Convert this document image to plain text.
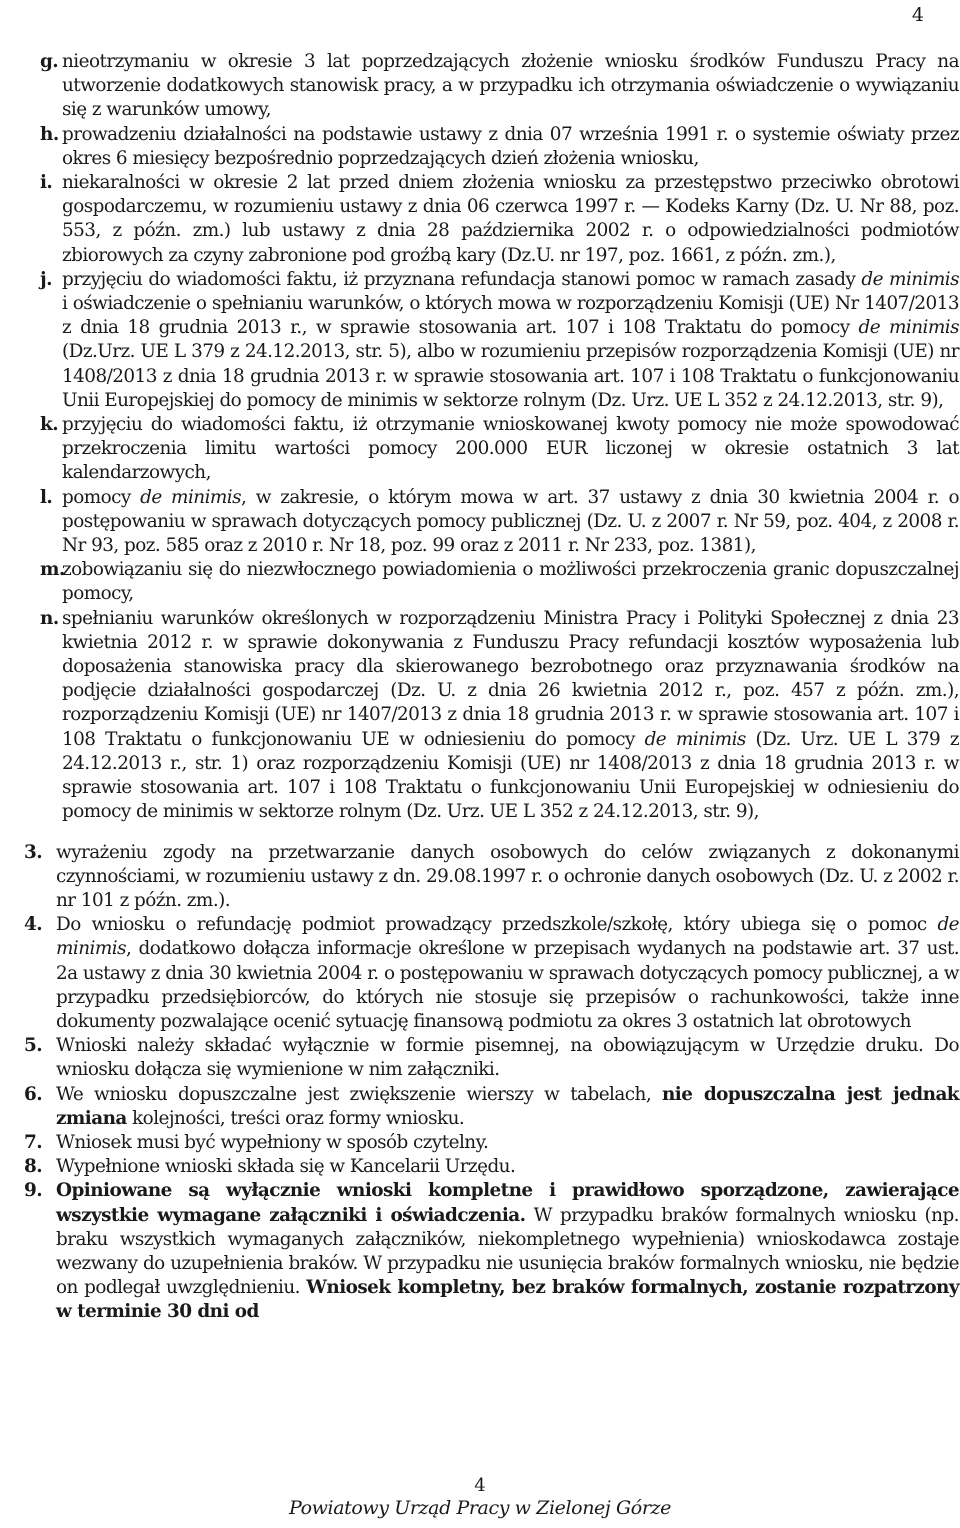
4

g. nieotrzymaniu w okresie 3 lat poprzedzających złożenie wniosku środków Funduszu Pracy na utworzenie dodatkowych stanowisk pracy, a w przypadku ich otrzymania oświadczenie o wywiązaniu się z warunków umowy,

h. prowadzeniu działalności na podstawie ustawy z dnia 07 września 1991 r. o systemie oświaty przez okres 6 miesięcy bezpośrednio poprzedzających dzień złożenia wniosku,

i. niekaralności w okresie 2 lat przed dniem złożenia wniosku za przestępstwo przeciwko obrotowi gospodarczemu, w rozumieniu ustawy z dnia 06 czerwca 1997 r. — Kodeks Karny (Dz. U. Nr 88, poz. 553, z późn. zm.) lub ustawy z dnia 28 października 2002 r. o odpowiedzialności podmiotów zbiorowych za czyny zabronione pod groźbą kary (Dz.U. nr 197, poz. 1661, z późn. zm.),

j. przyjęciu do wiadomości faktu, iż przyznana refundacja stanowi pomoc w ramach zasady de minimis i oświadczenie o spełnianiu warunków, o których mowa w rozporządzeniu Komisji (UE) Nr 1407/2013 z dnia 18 grudnia 2013 r., w sprawie stosowania art. 107 i 108 Traktatu do pomocy de minimis (Dz.Urz. UE L 379 z 24.12.2013, str. 5), albo w rozumieniu przepisów rozporządzenia Komisji (UE) nr 1408/2013 z dnia 18 grudnia 2013 r. w sprawie stosowania art. 107 i 108 Traktatu o funkcjonowaniu Unii Europejskiej do pomocy de minimis w sektorze rolnym (Dz. Urz. UE L 352 z 24.12.2013, str. 9),

k. przyjęciu do wiadomości faktu, iż otrzymanie wnioskowanej kwoty pomocy nie może spowodować przekroczenia limitu wartości pomocy 200.000 EUR liczonej w okresie ostatnich 3 lat kalendarzowych,

l. pomocy de minimis, w zakresie, o którym mowa w art. 37 ustawy z dnia 30 kwietnia 2004 r. o postępowaniu w sprawach dotyczących pomocy publicznej (Dz. U. z 2007 r. Nr 59, poz. 404, z 2008 r. Nr 93, poz. 585 oraz z 2010 r. Nr 18, poz. 99 oraz z 2011 r. Nr 233, poz. 1381),

m.
zobowiązaniu się do niezwłocznego powiadomienia o możliwości przekroczenia granic dopuszczalnej pomocy,

n. spełnianiu warunków określonych w rozporządzeniu Ministra Pracy i Polityki Społecznej z dnia 23 kwietnia 2012 r. w sprawie dokonywania z Funduszu Pracy refundacji kosztów wyposażenia lub doposażenia stanowiska pracy dla skierowanego bezrobotnego oraz przyznawania środków na podjęcie działalności gospodarczej (Dz. U. z dnia 26 kwietnia 2012 r., poz. 457 z późn. zm.), rozporządzeniu Komisji (UE) nr 1407/2013 z dnia 18 grudnia 2013 r. w sprawie stosowania art. 107 i 108 Traktatu o funkcjonowaniu UE w odniesieniu do pomocy de minimis (Dz. Urz. UE L 379 z 24.12.2013 r., str. 1) oraz rozporządzeniu Komisji (UE) nr 1408/2013 z dnia 18 grudnia 2013 r. w sprawie stosowania art. 107 i 108 Traktatu o funkcjonowaniu Unii Europejskiej w odniesieniu do pomocy de minimis w sektorze rolnym (Dz. Urz. UE L 352 z 24.12.2013, str. 9),

3. wyrażeniu zgody na przetwarzanie danych osobowych do celów związanych z dokonanymi czynnościami, w rozumieniu ustawy z dn. 29.08.1997 r. o ochronie danych osobowych (Dz. U. z 2002 r. nr 101 z późn. zm.).

4. Do wniosku o refundację podmiot prowadzący przedszkole/szkołę, który ubiega się o pomoc de minimis, dodatkowo dołącza informacje określone w przepisach wydanych na podstawie art. 37 ust. 2a ustawy z dnia 30 kwietnia 2004 r. o postępowaniu w sprawach dotyczących pomocy publicznej, a w przypadku przedsiębiorców, do których nie stosuje się przepisów o rachunkowości, także inne dokumenty pozwalające ocenić sytuację finansową podmiotu za okres 3 ostatnich lat obrotowych

5. Wnioski należy składać wyłącznie w formie pisemnej, na obowiązującym w Urzędzie druku. Do wniosku dołącza się wymienione w nim załączniki.

6. We wniosku dopuszczalne jest zwiększenie wierszy w tabelach, nie dopuszczalna jest jednak zmiana kolejności, treści oraz formy wniosku.

7. Wniosek musi być wypełniony w sposób czytelny.

8. Wypełnione wnioski składa się w Kancelarii Urzędu.

9. Opiniowane są wyłącznie wnioski kompletne i prawidłowo sporządzone, zawierające wszystkie wymagane załączniki i oświadczenia. W przypadku braków formalnych wniosku (np. braku wszystkich wymaganych załączników, niekompletnego wypełnienia) wnioskodawca zostaje wezwany do uzupełnienia braków. W przypadku nie usunięcia braków formalnych wniosku, nie będzie on podlegał uwzględnieniu. Wniosek kompletny, bez braków formalnych, zostanie rozpatrzony w terminie 30 dni od

4
Powiatowy Urząd Pracy w Zielonej Górze
